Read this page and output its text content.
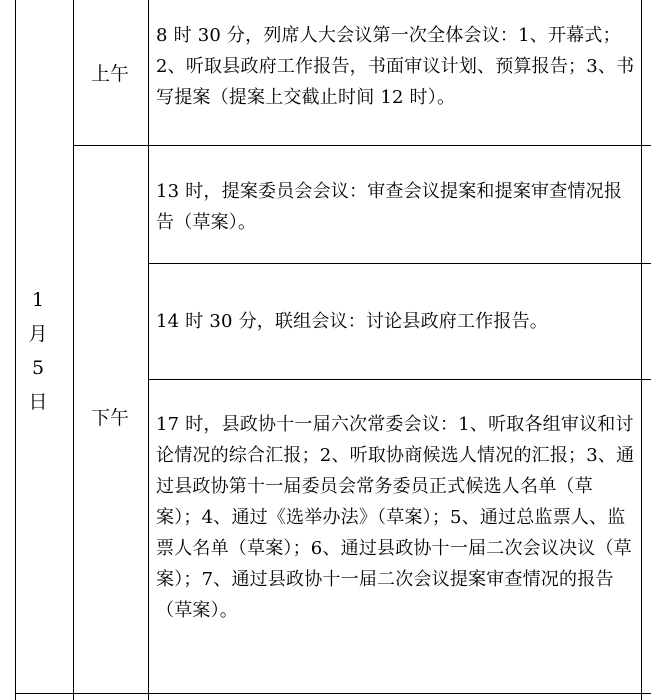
1
月
5
日
上午
下午
8 时 30 分，列席人大会议第一次全体会议：1、开幕式；2、听取县政府工作报告，书面审议计划、预算报告；3、书写提案（提案上交截止时间 12 时）。
13 时，提案委员会会议：审查会议提案和提案审查情况报告（草案）。
14 时 30 分，联组会议：讨论县政府工作报告。
17 时，县政协十一届六次常委会议：1、听取各组审议和讨论情况的综合汇报；2、听取协商候选人情况的汇报；3、通过县政协第十一届委员会常务委员正式候选人名单（草案）；4、通过《选举办法》（草案）；5、通过总监票人、监票人名单（草案）；6、通过县政协十一届二次会议决议（草案）；7、通过县政协十一届二次会议提案审查情况的报告（草案）。
